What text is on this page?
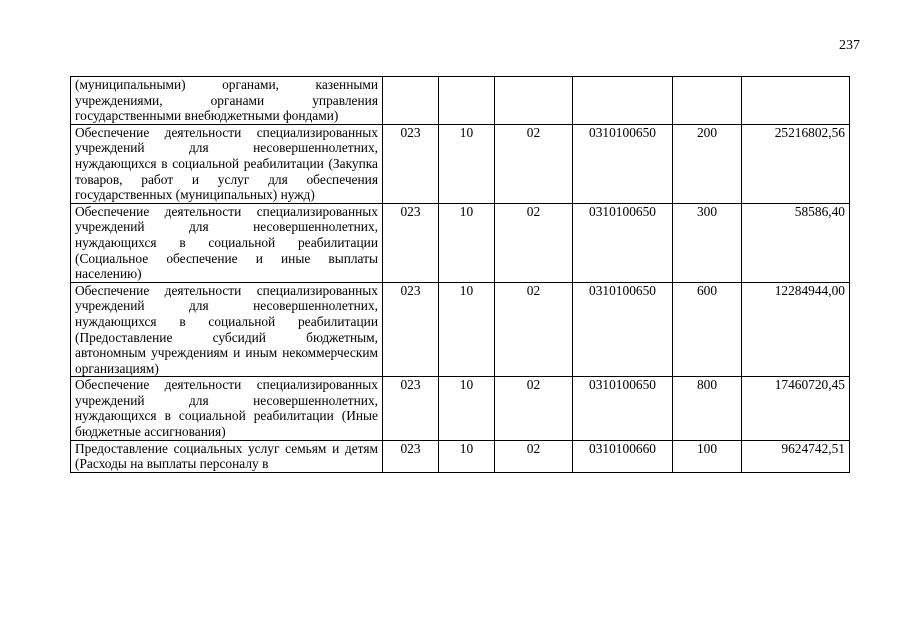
237
(муниципальными) органами, казенными учреждениями, органами управления государственными внебюджетными фондами)						
Обеспечение деятельности специализированных учреждений для несовершеннолетних, нуждающихся в социальной реабилитации (Закупка товаров, работ и услуг для обеспечения государственных (муниципальных) нужд)	023	10	02	0310100650	200	25216802,56
Обеспечение деятельности специализированных учреждений для несовершеннолетних, нуждающихся в социальной реабилитации (Социальное обеспечение и иные выплаты населению)	023	10	02	0310100650	300	58586,40
Обеспечение деятельности специализированных учреждений для несовершеннолетних, нуждающихся в социальной реабилитации (Предоставление субсидий бюджетным, автономным учреждениям и иным некоммерческим организациям)	023	10	02	0310100650	600	12284944,00
Обеспечение деятельности специализированных учреждений для несовершеннолетних, нуждающихся в социальной реабилитации (Иные бюджетные ассигнования)	023	10	02	0310100650	800	17460720,45
Предоставление социальных услуг семьям и детям (Расходы на выплаты персоналу в	023	10	02	0310100660	100	9624742,51
